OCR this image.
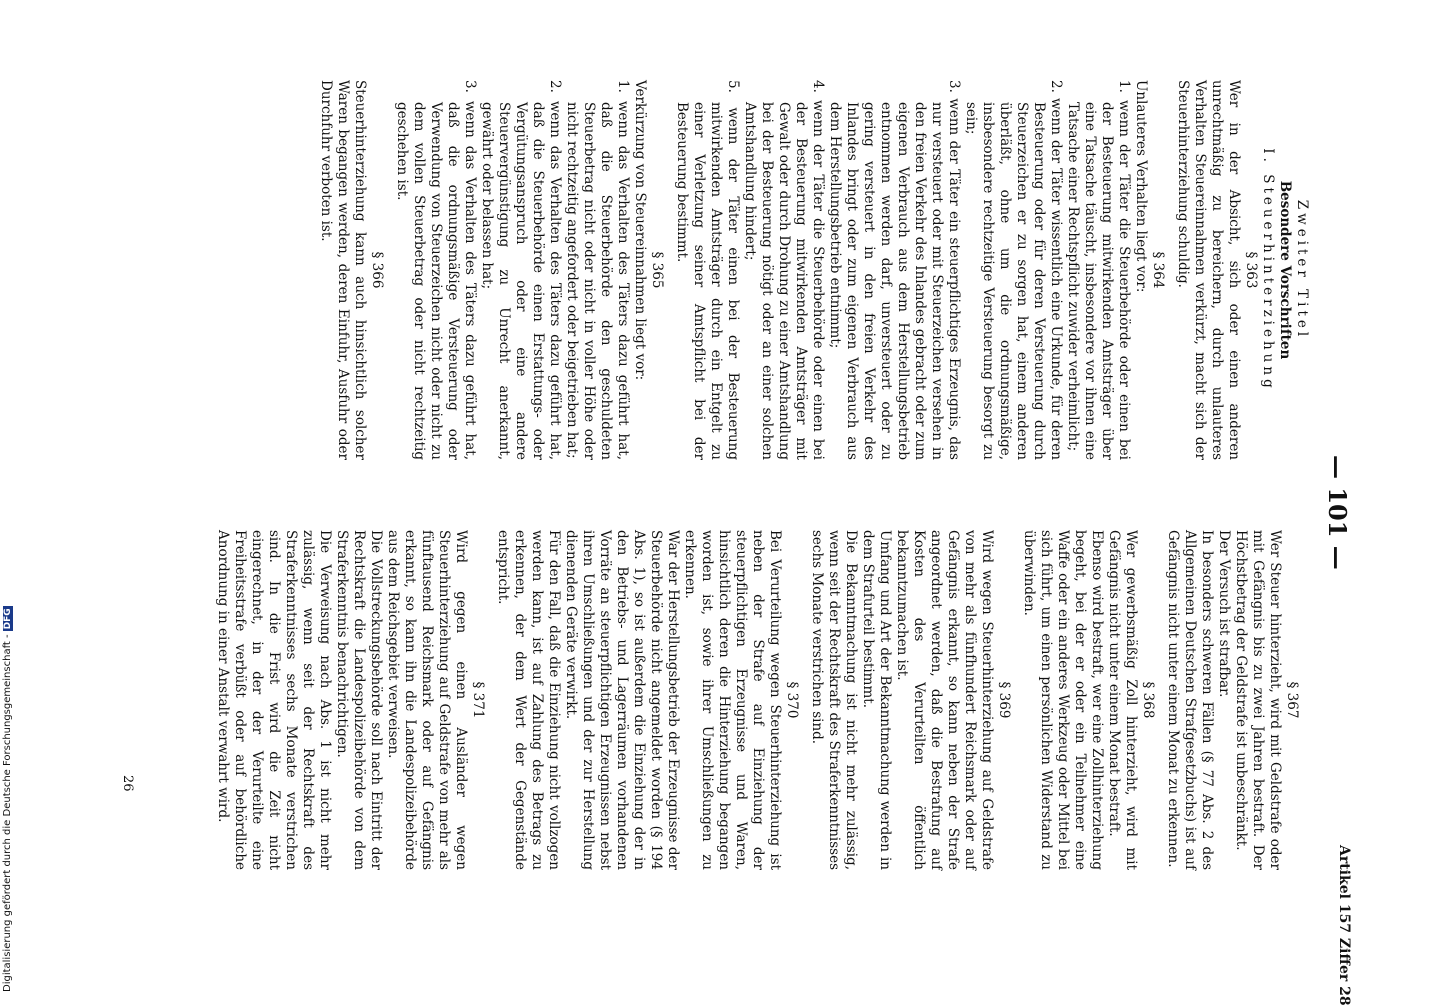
— 101 —
Artikel 157 Ziffer 28

Zweiter Titel

Besondere Vorschriften

I. Steuerhinterziehung

§ 363

Wer in der Absicht, sich oder einen anderen unrechtmäßig zu bereichern, durch unlauteres Verhalten Steuereinnahmen verkürzt, macht sich der Steuerhinterziehung schuldig.

§ 364

Unlauteres Verhalten liegt vor:

1. wenn der Täter die Steuerbehörde oder einen bei der Besteuerung mitwirkenden Amtsträger über eine Tatsache täuscht, insbesondere vor ihnen eine Tatsache einer Rechtspflicht zuwider verheimlicht;

2. wenn der Täter wissentlich eine Urkunde, für deren Besteuerung oder für deren Versteuerung durch Steuerzeichen er zu sorgen hat, einem anderen überläßt, ohne um die ordnungsmäßige, insbesondere rechtzeitige Versteuerung besorgt zu sein;

3. wenn der Täter ein steuerpflichtiges Erzeugnis, das nur versteuert oder mit Steuerzeichen versehen in den freien Verkehr des Inlandes gebracht oder zum eigenen Verbrauch aus dem Herstellungsbetrieb entnommen werden darf, unversteuert oder zu gering versteuert in den freien Verkehr des Inlandes bringt oder zum eigenen Verbrauch aus dem Herstellungsbetrieb entnimmt;

4. wenn der Täter die Steuerbehörde oder einen bei der Besteuerung mitwirkenden Amtsträger mit Gewalt oder durch Drohung zu einer Amtshandlung bei der Besteuerung nötigt oder an einer solchen Amtshandlung hindert;

5. wenn der Täter einen bei der Besteuerung mitwirkenden Amtsträger durch ein Entgelt zu einer Verletzung seiner Amtspflicht bei der Besteuerung bestimmt.

§ 365

Verkürzung von Steuereinnahmen liegt vor:

1. wenn das Verhalten des Täters dazu geführt hat, daß die Steuerbehörde den geschuldeten Steuerbetrag nicht oder nicht in voller Höhe oder nicht rechtzeitig angefordert oder beigetrieben hat;

2. wenn das Verhalten des Täters dazu geführt hat, daß die Steuerbehörde einen Erstattungs- oder Vergütungsanspruch oder eine andere Steuervergünstigung zu Unrecht anerkannt, gewährt oder belassen hat;

3. wenn das Verhalten des Täters dazu geführt hat, daß die ordnungsmäßige Versteuerung oder Verwendung von Steuerzeichen nicht oder nicht zu dem vollen Steuerbetrag oder nicht rechtzeitig geschehen ist.

§ 366

Steuerhinterziehung kann auch hinsichtlich solcher Waren begangen werden, deren Einfuhr, Ausfuhr oder Durchfuhr verboten ist.

§ 367

Wer Steuer hinterzieht, wird mit Geldstrafe oder mit Gefängnis bis zu zwei Jahren bestraft. Der Höchstbetrag der Geldstrafe ist unbeschränkt.

Der Versuch ist strafbar.

In besonders schweren Fällen (§ 77 Abs. 2 des Allgemeinen Deutschen Strafgesetzbuchs) ist auf Gefängnis nicht unter einem Monat zu erkennen.

§ 368

Wer gewerbsmäßig Zoll hinterzieht, wird mit Gefängnis nicht unter einem Monat bestraft.

Ebenso wird bestraft, wer eine Zollhinterziehung begeht, bei der er oder ein Teilnehmer eine Waffe oder ein anderes Werkzeug oder Mittel bei sich führt, um einen persönlichen Widerstand zu überwinden.

§ 369

Wird wegen Steuerhinterziehung auf Geldstrafe von mehr als fünfhundert Reichsmark oder auf Gefängnis erkannt, so kann neben der Strafe angeordnet werden, daß die Bestrafung auf Kosten des Verurteilten öffentlich bekanntzumachen ist.

Umfang und Art der Bekanntmachung werden in dem Strafurteil bestimmt.

Die Bekanntmachung ist nicht mehr zulässig, wenn seit der Rechtskraft des Straferkenntnisses sechs Monate verstrichen sind.

§ 370

Bei Verurteilung wegen Steuerhinterziehung ist neben der Strafe auf Einziehung der steuerpflichtigen Erzeugnisse und Waren, hinsichtlich deren die Hinterziehung begangen worden ist, sowie ihrer Umschließungen zu erkennen.

War der Herstellungsbetrieb der Erzeugnisse der Steuerbehörde nicht angemeldet worden (§ 194 Abs. 1), so ist außerdem die Einziehung der in den Betriebs- und Lagerräumen vorhandenen Vorräte an steuerpflichtigen Erzeugnissen nebst ihren Umschließungen und der zur Herstellung dienenden Geräte verwirkt.

Für den Fall, daß die Einziehung nicht vollzogen werden kann, ist auf Zahlung des Betrags zu erkennen, der dem Wert der Gegenstände entspricht.

§ 371

Wird gegen einen Ausländer wegen Steuerhinterziehung auf Geldstrafe von mehr als fünftausend Reichsmark oder auf Gefängnis erkannt, so kann ihn die Landespolizeibehörde aus dem Reichsgebiet verweisen.

Die Vollstreckungsbehörde soll nach Eintritt der Rechtskraft die Landespolizeibehörde von dem Straferkenntnis benachrichtigen.

Die Verweisung nach Abs. 1 ist nicht mehr zulässig, wenn seit der Rechtskraft des Straferkenntnisses sechs Monate verstrichen sind. In die Frist wird die Zeit nicht eingerechnet, in der der Verurteilte eine Freiheitsstrafe verbüßt oder auf behördliche Anordnung in einer Anstalt verwahrt wird.

26
Digitalisierung gefördert durch die Deutsche Forschungsgemeinschaft -DFG
